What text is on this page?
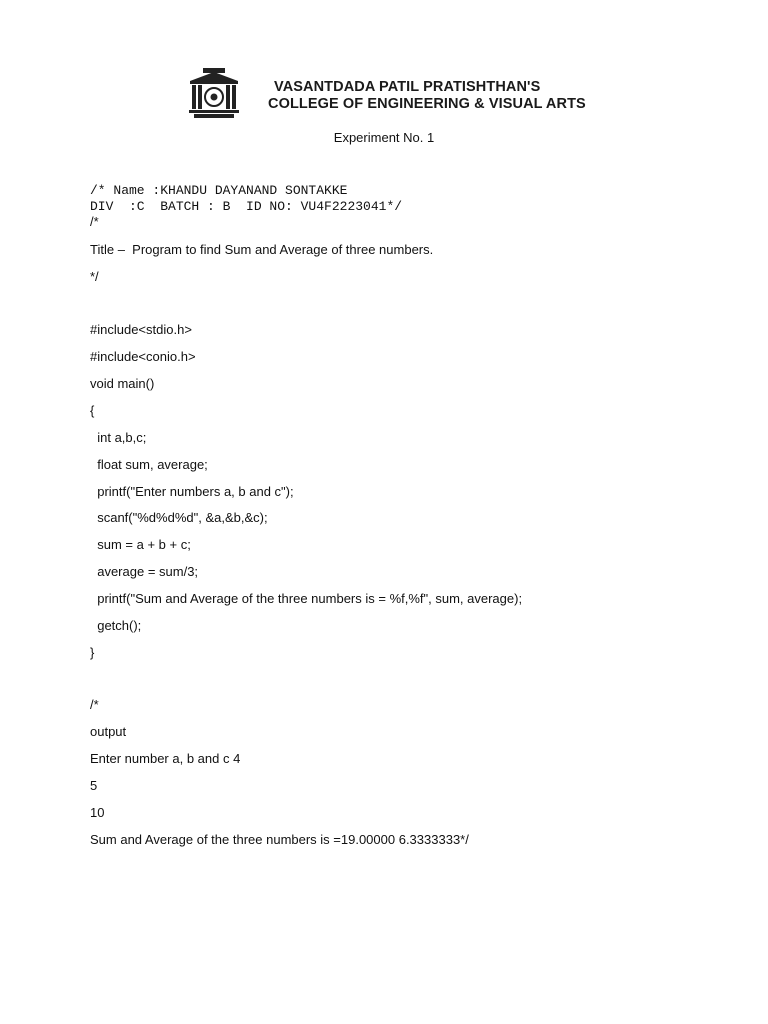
VASANTDADA PATIL PRATISHTHAN'S
COLLEGE OF ENGINEERING & VISUAL ARTS
Experiment No. 1
/* Name :KHANDU DAYANAND SONTAKKE
DIV  :C  BATCH : B  ID NO: VU4F2223041*/
/*
Title –  Program to find Sum and Average of three numbers.
*/
#include<stdio.h>
#include<conio.h>
void main()
{
int a,b,c;
float sum, average;
printf("Enter numbers a, b and c");
scanf("%d%d%d", &a,&b,&c);
sum = a + b + c;
average = sum/3;
printf("Sum and Average of the three numbers is = %f,%f", sum, average);
getch();
}
/*
output
Enter number a, b and c 4
5
10
Sum and Average of the three numbers is =19.00000 6.3333333*/
